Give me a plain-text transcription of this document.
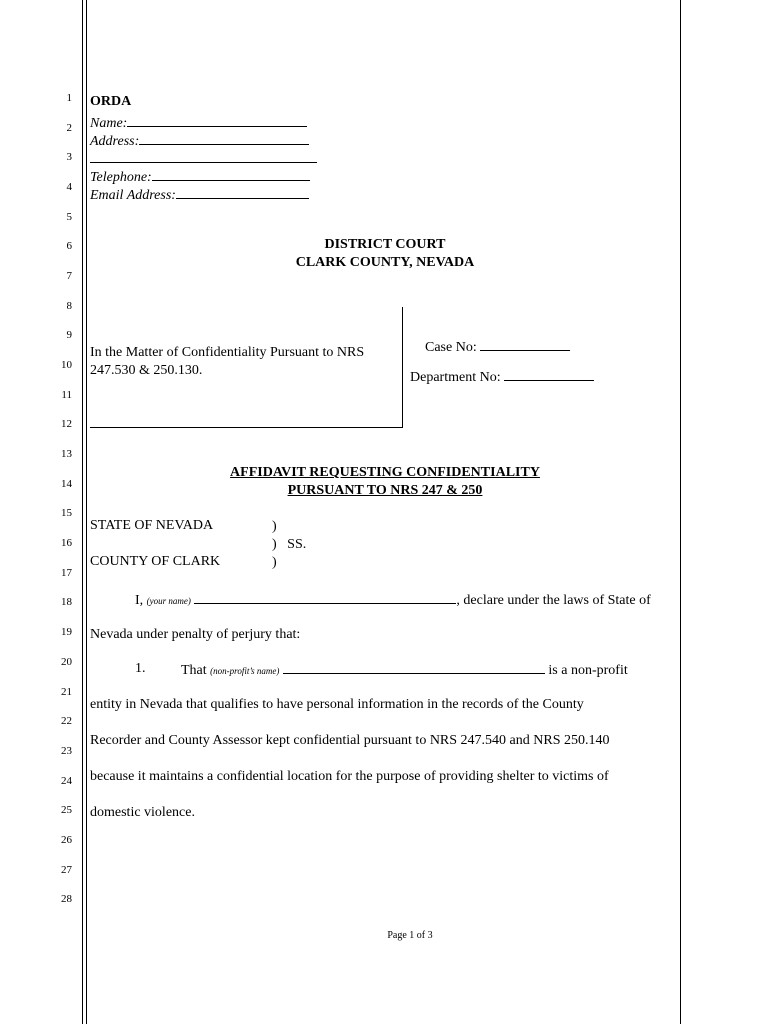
1
2
3
4
5
6
7
8
9
10
11
12
13
14
15
16
17
18
19
20
21
22
23
24
25
26
27
28
ORDA
Name:
Address:
Telephone:
Email Address:
DISTRICT COURT
CLARK COUNTY, NEVADA
In the Matter of Confidentiality Pursuant to NRS
247.530 & 250.130.
Case No:
Department No:
AFFIDAVIT REQUESTING CONFIDENTIALITY
PURSUANT TO NRS 247 & 250
STATE OF NEVADA
COUNTY OF CLARK
)
)   SS.
)
I, (your name)	, declare under the laws of State of
Nevada under penalty of perjury that:
1.	That (non-profit’s name)	is a non-profit
entity in Nevada that qualifies to have personal information in the records of the County
Recorder and County Assessor kept confidential pursuant to NRS 247.540 and NRS 250.140
because it maintains a confidential location for the purpose of providing shelter to victims of
domestic violence.
Page 1 of 3
